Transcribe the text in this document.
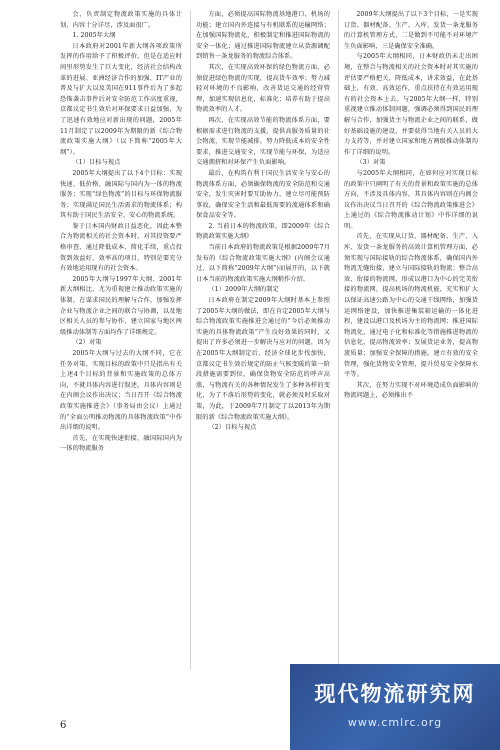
会、负责制定物流政策实施的具体计划，内容十分详尽，涉及面很广。

1. 2005年大纲

日本政府对2001年新大纲各项政策所发挥的作用给予了积极评价，但是在适应时间里形势发生了巨大变化，经济社会结构改革的进展、亚洲经济合作的加强、IT产业的普及与扩大以及美国在911事件后为了多起恐怖袭击事件后对安全防范工作高度重视，京都议定书生效后对环保要求日益加强，为了迅速有效地应对新出现的问题，2005年11月制定了以2009年为期限的新《综合物流政策实施大纲》（以下简称“2005年大纲”）。

（1）目标与视点

2005年大纲提出了以下4个目标：实现快速、低价格、融国际与国内为一体的物流服务；实现“绿色物流”的目标与环保物流服务；实现满足国民生活需求的物流体系；构筑有助于国民生活安全、安心的物流系统。

鉴于日本国内财政日益恶化，因此本整合为物流相关的社会资本时，对其投资要严格审查，通过降低成本、简化手续，重点投资到效益好，效率高的项目，特别是要充分有效地运用现有的社会资本。

2005年大纲与1997年大纲、2001年新大纲相比，尤为重视建立推动政策实施的体制，在谋求国民的理解与合作，加强发挥企业与物流企业之间的联合与协调，以及地区相关人员的参与协作，建立国家与地区两级推动体制等方面均作了详细规定。

（2）对策

2005年大纲与过去的大纲不同，它在任务对策，实现目标的政策中只是指出有关上述4个目标的背景和实施政策的总体方向，不就具体内容进行叙述，具体内容则是在内阁会议作出决议；当日召开《综合物流政策实施推进会》（事务局由会议）上通过的“全面公明推动物流的具体物流政策”中作出详细的说明。

首先，在实现快速衔接，融国际国内为一体的物流服务

方面，必须提高国际物流基地港口、机场的功能；建立国内外连接与有机联系的运输网络；在加强国际物流化，积极制定和推进国际物流的安全一体化；通过推进国际物流建立从货源调配到销售一条龙服务的物流综合体系。

其次，在实现高效环保的绿色物流方面，必须促进绿色物流的实现，提高货车效率；努力减轻对环境的不良影响，改善货运交通的经营管理，加速实现信息化，标准化；培养有助于提高物流效率的人才。

再次，在实现高效节能的物流体系方面，要根据需求进行物流的支援，提供高服务质量的社会物流，实现节能减排，努力降低成本的安全性要求，推进交通安全，实现节能与环保，为适应交通拥挤和对环保产生负面影响。

最后，在构筑有利于国民生活安全与安心的物流体系方面，必须确保物流的安全防范和交通安全，发生灾害时要互助协力，建立尽可能预防事故，确保安全生活和最低需要的流通体系和确保食品安全等。

2. 当前日本的物流政策，即2009年《综合物流政策实施大纲》

当前日本政府的物流政策是根据2009年7月发布的《综合物流政策实施大纲》(内阁会议通过，以下简称“2009年大纲”)而展开的，以下就日本当前的物流政策实施大纲稍作介绍。

（1）2009年大纲的制定

日本政府在制定2009年大纲时基本上参照了2005年大纲的做法，即在肯定2005年大纲与综合物流政策实施推进会通过的“今后必须推动实施的具体物流政策”产生良好效果的同时，又提出了许多必须进一步解决与应对的问题，因为在2005年大纲制定后，经济全球化步伐加快，京都议定书生效后规定的防止气候变暖的第一阶段措施需要到位，确保货物安全防范的呼声高涨，与物流有关的各种情况发生了多种各样的变化，为了不落后形势的变化，就必须及时采取对策，为此，于2009年7月制定了以2013年为期限的新《综合物流政策实施大纲》。

（2）目标与视点

2009年大纲提出了以下3个目标，一是实现订货、器材配备、生产、入库、发货一条龙服务的计算机管理方式，二是做到不可能不对环境产生负面影响，三是确保安全准确。

与2005年大纲相同，日本财政仍未走出困境，在整合与物流相关的社会资本时对其实施的评估要严格把关，降低成本，讲求效益，在此基础上，有效、高效运作，重点扶持在有效运用现有的社会资本上去。与2005年大纲一样，特别重视建立推动体制问题，强调必须得到国民的理解与合作，加强货主与物流企业之间的联系，做好基础设施的建设，并要获得当地有关人员的大力支持等，并对建立国家和地方两级推动体制均作了详细的说明。

（3）对策

与2005年大纲相同，在如何应对实现目标的政策中只阐明了有关的背景和政策实施的总体方向，不涉及具体内容，其具体内容则在内阁会议作出决议当日召开的《综合物流政策推进会》上通过的《综合物流推动计划》中作详细的说明。

首先，在实现从订货、器材配备、生产、入库、发货一条龙服务的高效计算机管理方面，必须实现与国际接轨的综合物流体系，确保国内外物流无缝衔接，建立与国际接轨的物流；整合高效、衔接的物流网，形成以港口为中心的完美衔接的物流网，提高机场的物流机能，充实和扩大以保证高速公路为中心的交通干线网络，加强货运网络建设，加快推进集装箱运输的一体化进程，建设以港口及机场为主的物流网；推进国际物流化，通过电子化和标准化等措施推进物流的信息化，提高物流效率；发展货运业务，提高物流质量；加强安全保障的措施，建立有效的安全管理，强化货物安全管理，提升贸易安全保障水平等。

其次，在努力实现不对环境造成负面影响的物流问题上，必须推出不

6
现代物流研究网
www.cmlrc.org
